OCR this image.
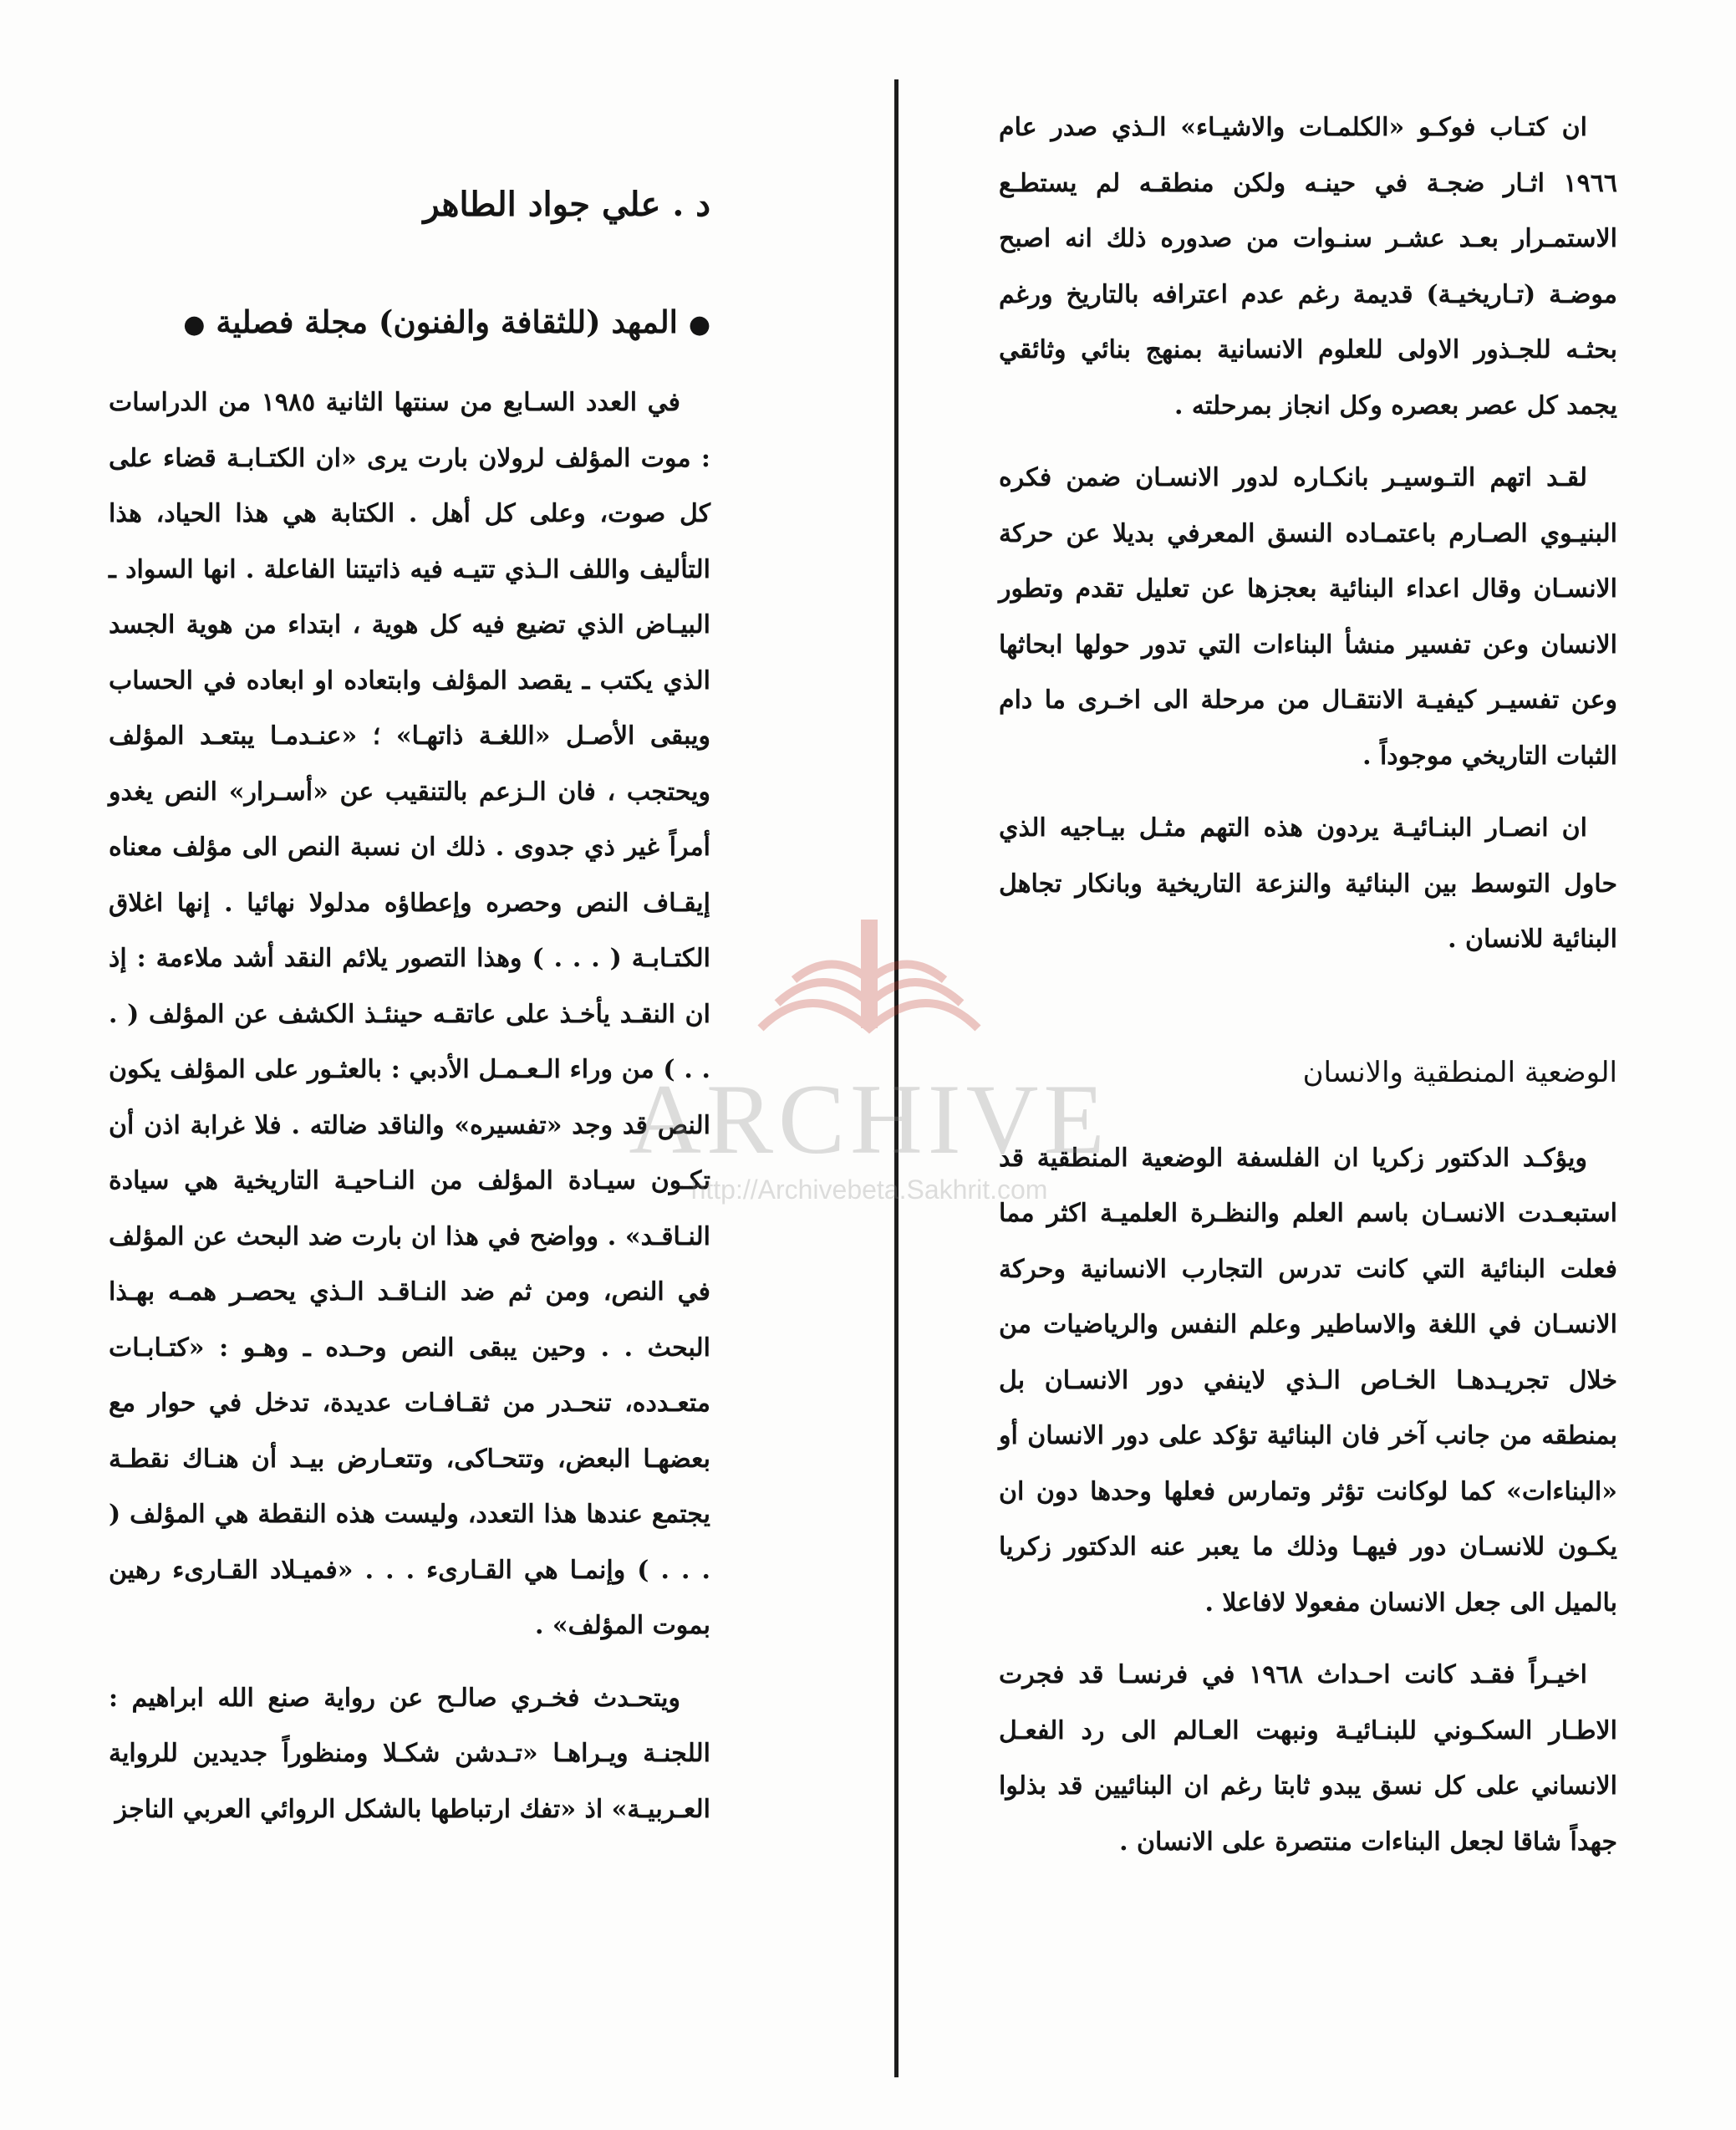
ان كتـاب فوكـو «الكلمـات والاشيـاء» الـذي صدر عام ١٩٦٦ اثـار ضجـة في حينـه ولكن منطقـه لم يستطـع الاستمـرار بعـد عشـر سنـوات من صدوره ذلك انه اصبح موضـة (تـاريخيـة) قديمة رغم عدم اعترافه بالتاريخ ورغم بحثـه للجـذور الاولى للعلوم الانسانية بمنهج بنائي وثائقي يجمد كل عصر بعصره وكل انجاز بمرحلته .

لقـد اتهم التـوسيـر بانكـاره لدور الانسـان ضمن فكره البنيـوي الصـارم باعتمـاده النسق المعرفي بديلا عن حركة الانسـان وقال اعداء البنائية بعجزها عن تعليل تقدم وتطور الانسان وعن تفسير منشأ البناءات التي تدور حولها ابحاثها وعن تفسيـر كيفيـة الانتقـال من مرحلة الى اخـرى ما دام الثبات التاريخي موجوداً .

ان انصـار البنـائيـة يردون هذه التهم مثـل بيـاجيه الذي حاول التوسط بين البنائية والنزعة التاريخية وبانكار تجاهل البنائية للانسان .

الوضعية المنطقية والانسان

ويؤكـد الدكتور زكريا ان الفلسفة الوضعية المنطقية قد استبعـدت الانسـان باسم العلم والنظـرة العلميـة اكثر مما فعلت البنائية التي كانت تدرس التجارب الانسانية وحركة الانسـان في اللغة والاساطير وعلم النفس والرياضيات من خلال تجريـدهـا الخـاص الـذي لاينفي دور الانسـان بل بمنطقه من جانب آخر فان البنائية تؤكد على دور الانسان أو «البناءات» كما لوكانت تؤثر وتمارس فعلها وحدها دون ان يكـون للانسـان دور فيهـا وذلك ما يعبر عنه الدكتور زكريا بالميل الى جعل الانسان مفعولا لافاعلا .

اخيـراً فقـد كانت احـداث ١٩٦٨ في فرنسـا قد فجرت الاطـار السكـوني للبنـائيـة ونبهت العـالم الى رد الفعـل الانساني على كل نسق يبدو ثابتا رغم ان البنائيين قد بذلوا جهداً شاقا لجعل البناءات منتصرة على الانسان .

د . علي جواد الطاهر
● المهد (للثقافة والفنون) مجلة فصلية ●

في العدد السـابع من سنتها الثانية ١٩٨٥ من الدراسات : موت المؤلف لرولان بارت يرى «ان الكتـابـة قضاء على كل صوت، وعلى كل أهل . الكتابة هي هذا الحياد، هذا التأليف واللف الـذي تتيـه فيه ذاتيتنا الفاعلة . انها السواد ـ البيـاض الذي تضيع فيه كل هوية ، ابتداء من هوية الجسد الذي يكتب ـ يقصد المؤلف وابتعاده او ابعاده في الحساب ويبقى الأصـل «اللغـة ذاتهـا» ؛ «عنـدمـا يبتعـد المؤلف ويحتجب ، فان الـزعم بالتنقيب عن «أسـرار» النص يغدو أمراً غير ذي جدوى . ذلك ان نسبة النص الى مؤلف معناه إيقـاف النص وحصره وإعطاؤه مدلولا نهائيا . إنها اغلاق الكتـابـة ( . . . ) وهذا التصور يلائم النقد أشد ملاءمة : إذ ان النقـد يأخـذ على عاتقـه حينئـذ الكشف عن المؤلف ( . . . ) من وراء الـعـمـل الأدبي : بالعثـور على المؤلف يكون النص قد وجد «تفسيره» والناقد ضالته . فلا غرابة اذن أن تكـون سيـادة المؤلف من النـاحيـة التاريخية هي سيادة النـاقـد» . وواضح في هذا ان بارت ضد البحث عن المؤلف في النص، ومن ثم ضد النـاقـد الـذي يحصـر همـه بهـذا البحث . . وحين يبقى النص وحـده ـ وهـو : «كتـابـات متعـدده، تنحـدر من ثقـافـات عديدة، تدخل في حوار مع بعضهـا البعض، وتتحـاكى، وتتعـارض بيـد أن هنـاك نقطـة يجتمع عندها هذا التعدد، وليست هذه النقطة هي المؤلف ( . . . ) وإنمـا هي القـارىء . . . «فميـلاد القـارىء رهين بموت المؤلف» .

ويتحـدث فخـري صالـح عن رواية صنع الله ابراهيم : اللجنـة ويـراهـا «تـدشن شكـلا ومنظوراً جديدين للرواية العـربيـة» اذ «تفك ارتباطها بالشكل الروائي العربي الناجز

ARCHIVE
http://Archivebeta.Sakhrit.com
